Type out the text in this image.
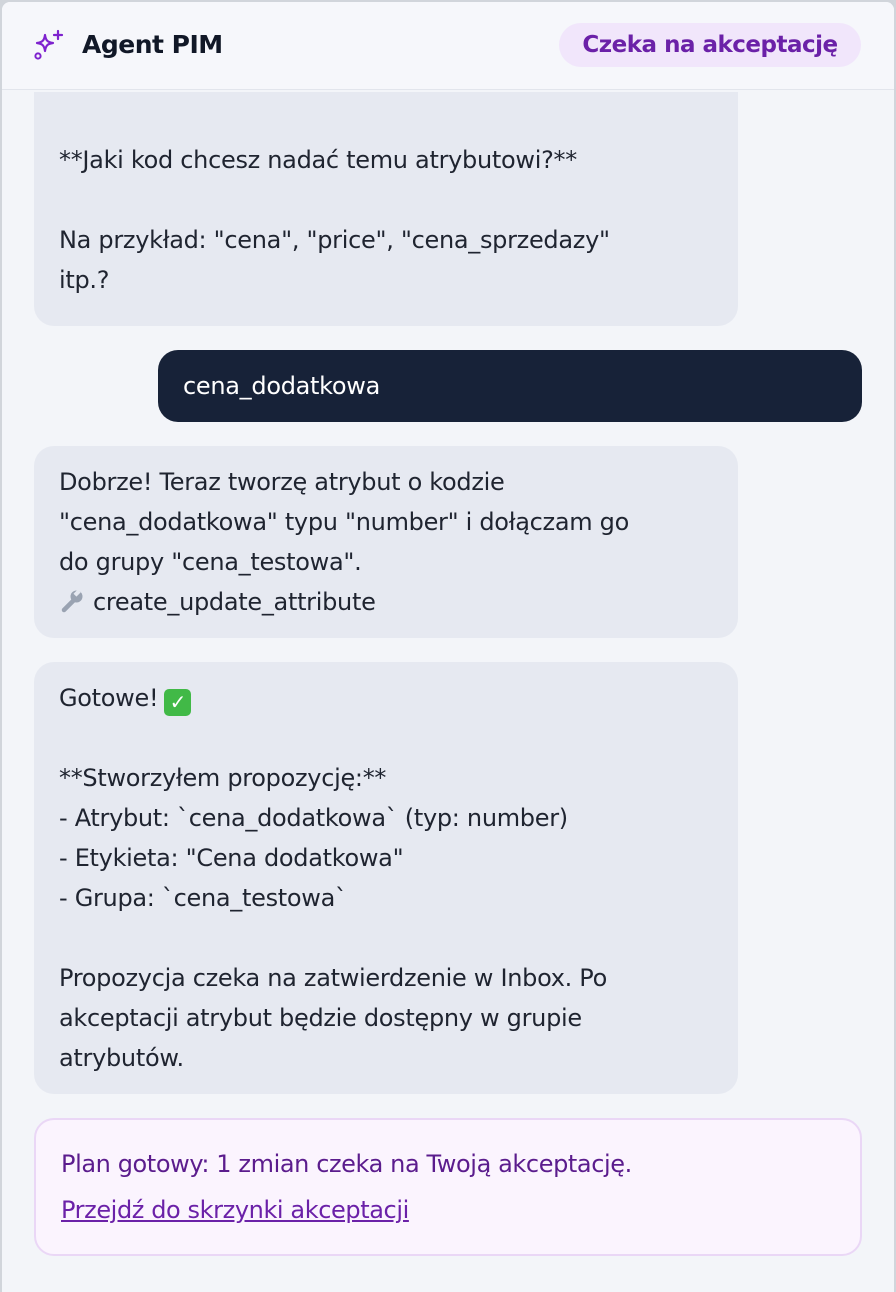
Agent PIM	Czeka na akceptację
**Jaki kod chcesz nadać temu atrybutowi?**
Na przykład: "cena", "price", "cena_sprzedazy"
itp.?
cena_dodatkowa
Dobrze! Teraz tworzę atrybut o kodzie
"cena_dodatkowa" typu "number" i dołączam go
do grupy "cena_testowa".
create_update_attribute
Gotowe! ✓
**Stworzyłem propozycję:**
- Atrybut: `cena_dodatkowa` (typ: number)
- Etykieta: "Cena dodatkowa"
- Grupa: `cena_testowa`
Propozycja czeka na zatwierdzenie w Inbox. Po
akceptacji atrybut będzie dostępny w grupie
atrybutów.
Plan gotowy: 1 zmian czeka na Twoją akceptację.
Przejdź do skrzynki akceptacji
